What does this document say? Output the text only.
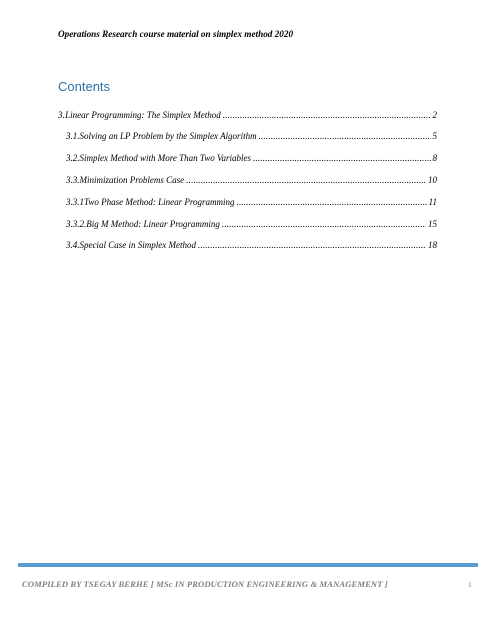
Operations Research course material on simplex method 2020
Contents
3. Linear Programming: The Simplex Method .....	2
3.1. Solving an LP Problem by the Simplex Algorithm .....	5
3.2. Simplex Method with More Than Two Variables .....	8
3.3. Minimization Problems Case .....	10
3.3.1 Two Phase Method: Linear Programming .....	11
3.3.2. Big M Method: Linear Programming .....	15
3.4. Special Case in Simplex Method .....	18
COMPILED BY TSEGAY BERHE [ MSc IN PRODUCTION ENGINEERING & MANAGEMENT ]	1
